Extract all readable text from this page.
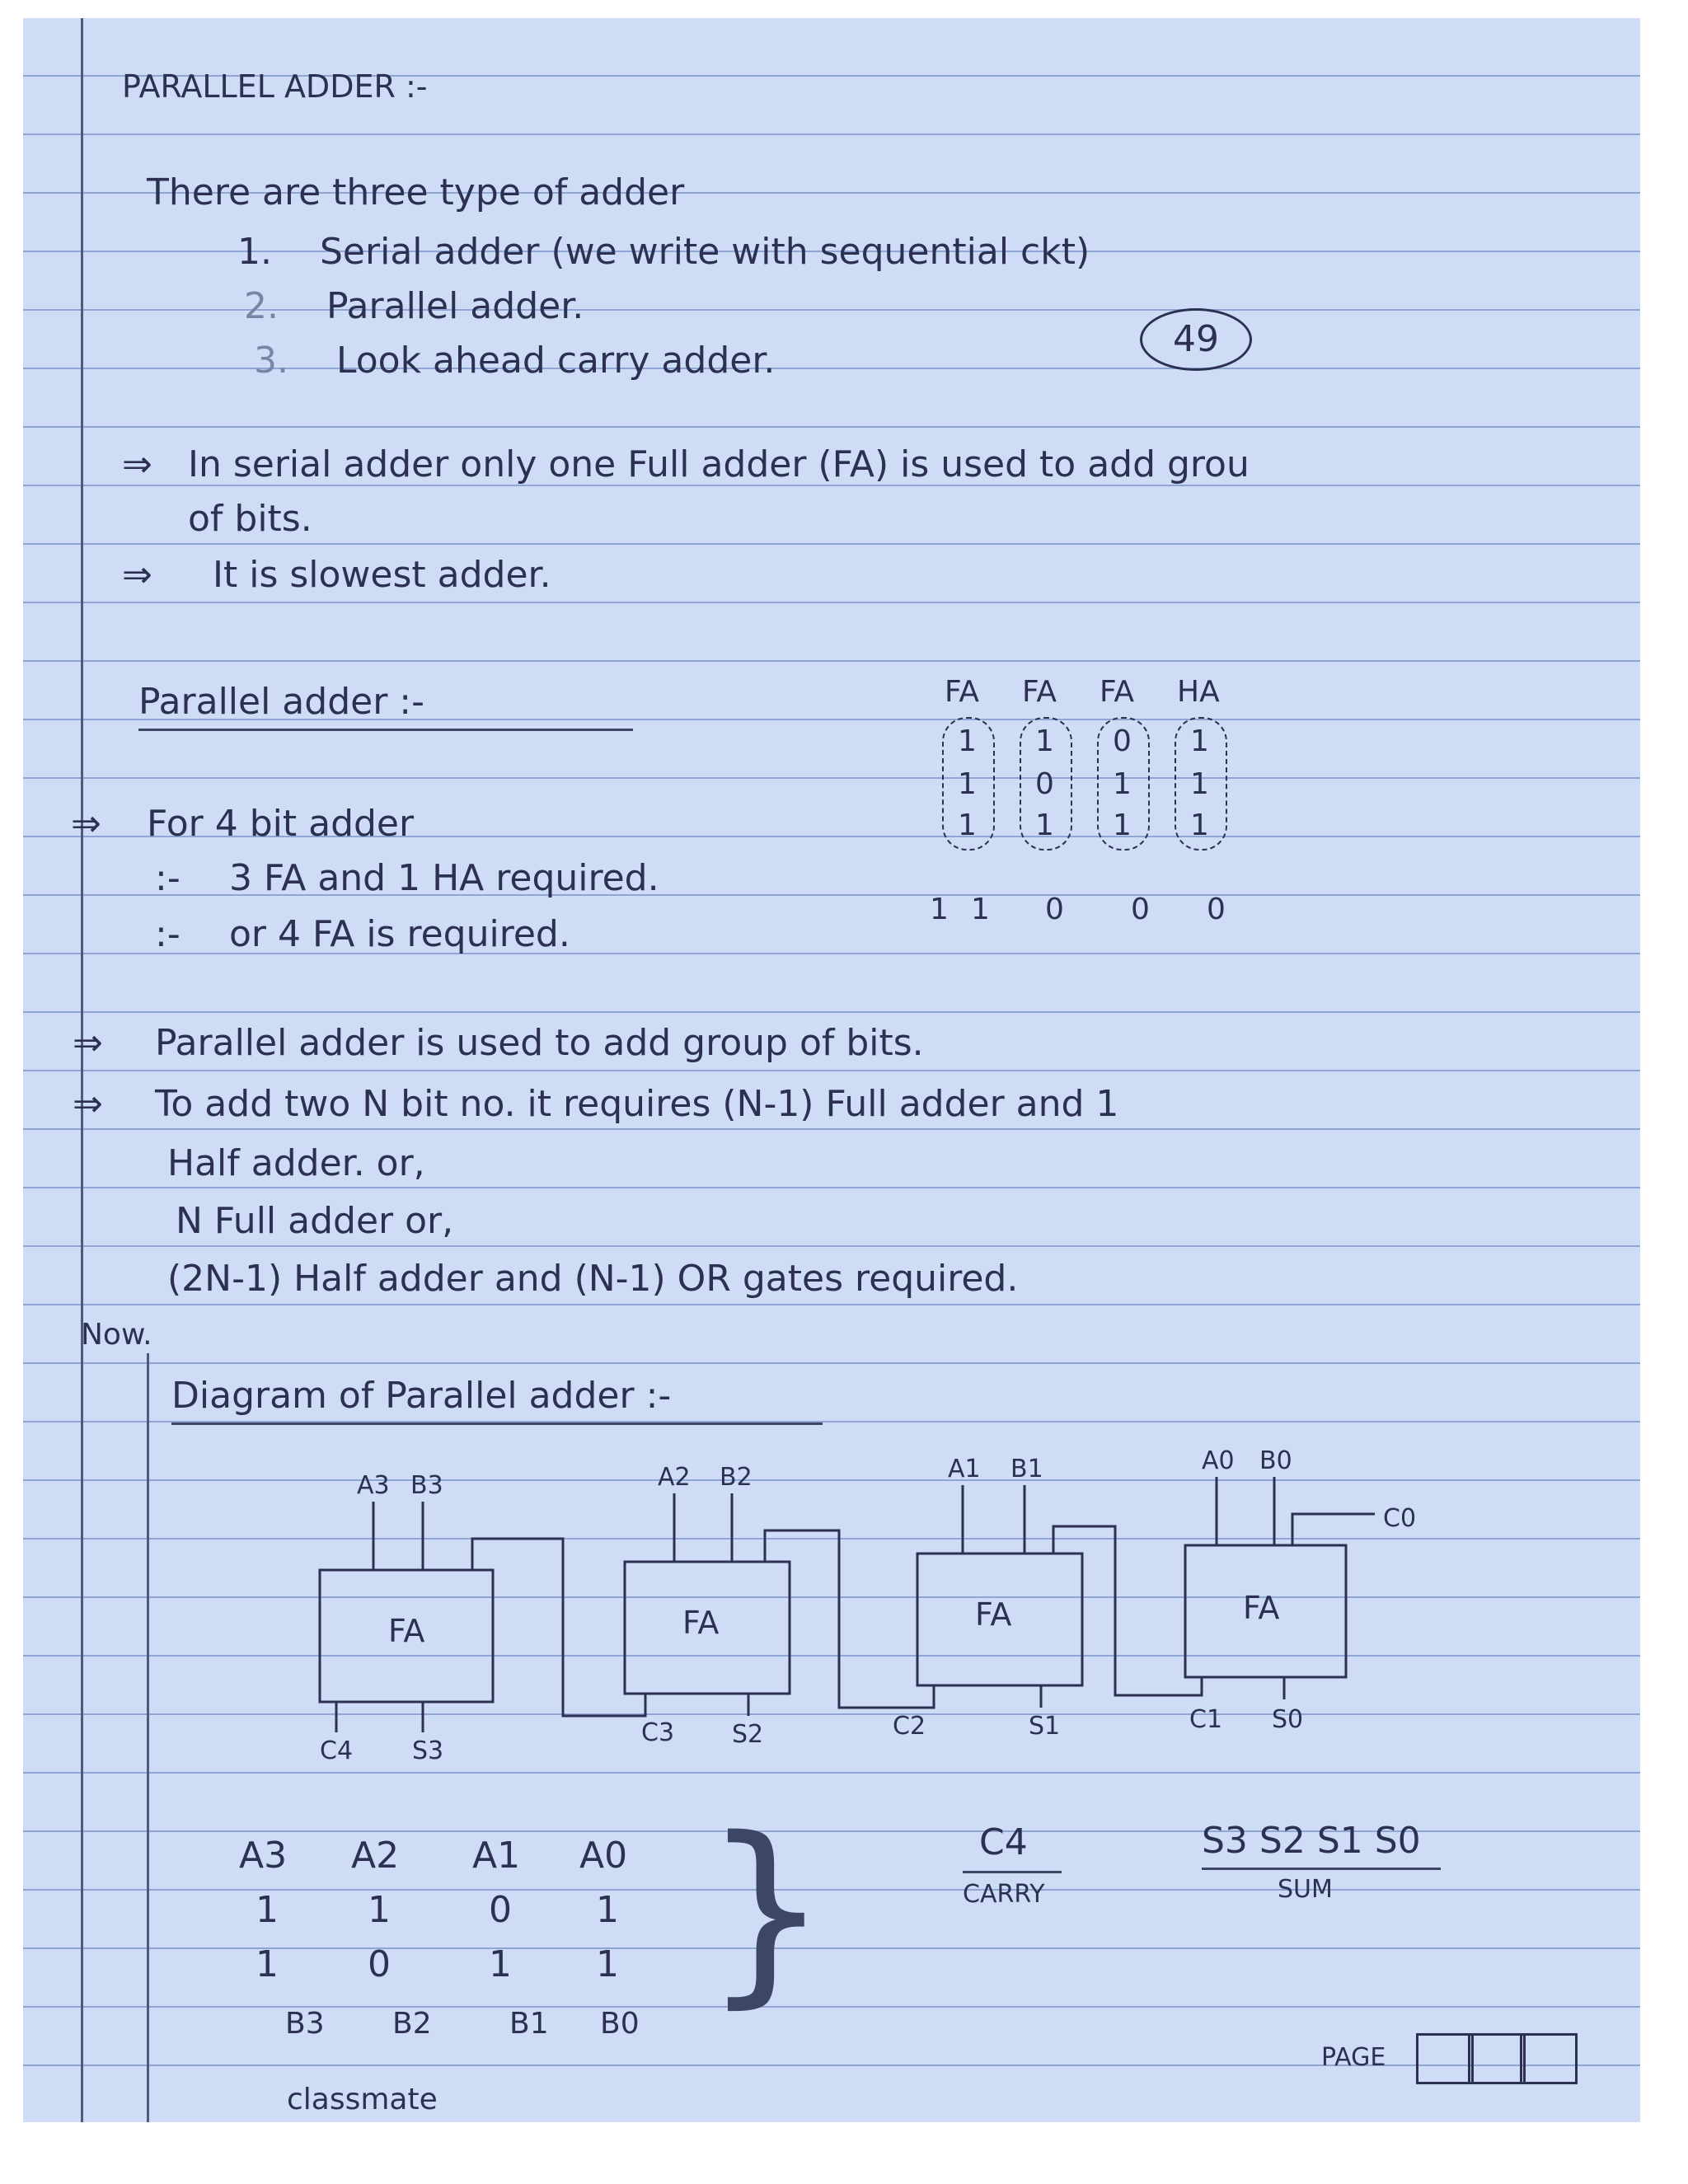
PARALLEL ADDER :-
There are three type of adder
1. Serial adder (we write with sequential ckt)
2. Parallel adder.
3. Look ahead carry adder.
49
⇒ In serial adder only one Full adder (FA) is used to add grou
of bits.
⇒ It is slowest adder.
Parallel adder :-	FA FA FA HA
1 1 0 1
1 0 1 1
1 1 1 1
1 1 0 0 0
⇒ For 4 bit adder
:- 3 FA and 1 HA required.
:- or 4 FA is required.
⇒ Parallel adder is used to add group of bits.
⇒ To add two N bit no. it requires (N-1) Full adder and 1
Half adder. or,
N Full adder or,
(2N-1) Half adder and (N-1) OR gates required.
Now.
Diagram of Parallel adder :-
FA	FA	FA	FA
A3 B3	A2 B2	A1 B1	A0 B0
C4 S3
C3 S2	C2	S1	C1 S0
C0
A3 A2 A1 A0
1 1	0 1
1 0	1 1
B3 B2	B1 B0 }	C4
CARRY
S3 S2 S1 S0
SUM
PAGE
classmate
